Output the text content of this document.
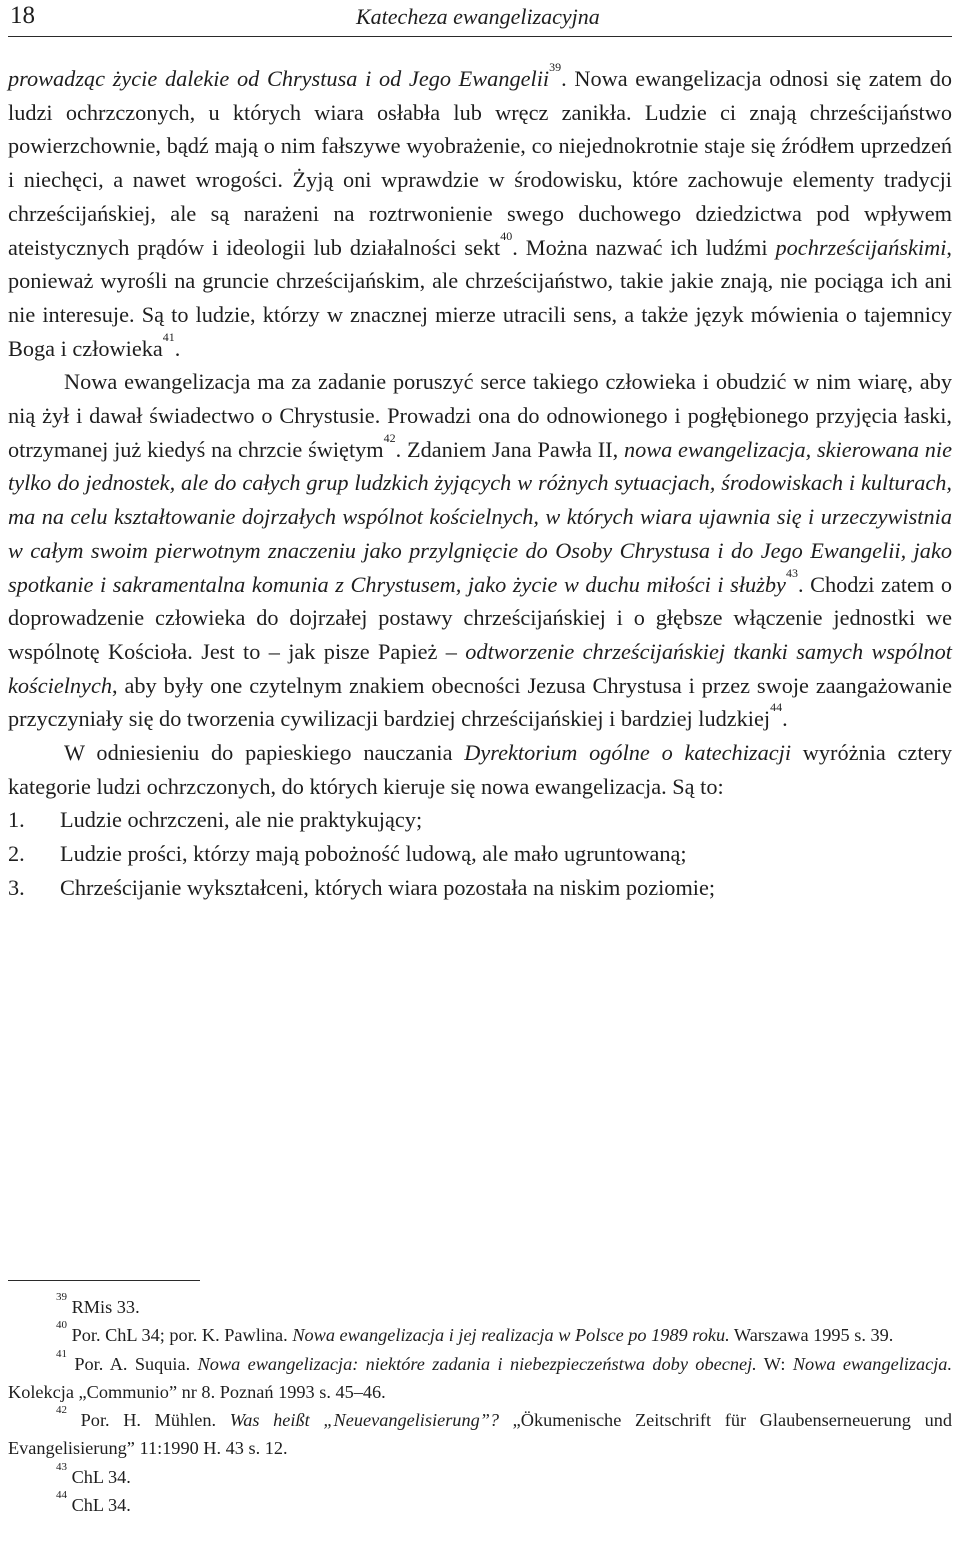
18	Katecheza ewangelizacyjna

prowadząc życie dalekie od Chrystusa i od Jego Ewangelii$^{39}$. Nowa ewangelizacja odnosi się zatem do ludzi ochrzczonych, u których wiara osłabła lub wręcz zanikła. Ludzie ci znają chrześcijaństwo powierzchownie, bądź mają o nim fałszywe wyobrażenie, co niejednokrotnie staje się źródłem uprzedzeń i niechęci, a nawet wrogości. Żyją oni wprawdzie w środowisku, które zachowuje elementy tradycji chrześcijańskiej, ale są narażeni na roztrwonienie swego duchowego dziedzictwa pod wpływem ateistycznych prądów i ideologii lub działalności sekt$^{40}$. Można nazwać ich ludźmi pochrześcijańskimi, ponieważ wyrośli na gruncie chrześcijańskim, ale chrześcijaństwo, takie jakie znają, nie pociąga ich ani nie interesuje. Są to ludzie, którzy w znacznej mierze utracili sens, a także język mówienia o tajemnicy Boga i człowieka$^{41}$.

Nowa ewangelizacja ma za zadanie poruszyć serce takiego człowieka i obudzić w nim wiarę, aby nią żył i dawał świadectwo o Chrystusie. Prowadzi ona do odnowionego i pogłębionego przyjęcia łaski, otrzymanej już kiedyś na chrzcie świętym$^{42}$. Zdaniem Jana Pawła II, nowa ewangelizacja, skierowana nie tylko do jednostek, ale do całych grup ludzkich żyjących w różnych sytuacjach, środowiskach i kulturach, ma na celu kształtowanie dojrzałych wspólnot kościelnych, w których wiara ujawnia się i urzeczywistnia w całym swoim pierwotnym znaczeniu jako przylgnięcie do Osoby Chrystusa i do Jego Ewangelii, jako spotkanie i sakramentalna komunia z Chrystusem, jako życie w duchu miłości i służby$^{43}$. Chodzi zatem o doprowadzenie człowieka do dojrzałej postawy chrześcijańskiej i o głębsze włączenie jednostki we wspólnotę Kościoła. Jest to – jak pisze Papież – odtworzenie chrześcijańskiej tkanki samych wspólnot kościelnych, aby były one czytelnym znakiem obecności Jezusa Chrystusa i przez swoje zaangażowanie przyczyniały się do tworzenia cywilizacji bardziej chrześcijańskiej i bardziej ludzkiej$^{44}$.

W odniesieniu do papieskiego nauczania Dyrektorium ogólne o katechizacji wyróżnia cztery kategorie ludzi ochrzczonych, do których kieruje się nowa ewangelizacja. Są to:

1.	Ludzie ochrzczeni, ale nie praktykujący;
2.	Ludzie prości, którzy mają pobożność ludową, ale mało ugruntowaną;
3.	Chrześcijanie wykształceni, których wiara pozostała na niskim poziomie;

$^{39}$ RMis 33.

$^{40}$ Por. ChL 34; por. K. Pawlina. Nowa ewangelizacja i jej realizacja w Polsce po 1989 roku. Warszawa 1995 s. 39.

$^{41}$ Por. A. Suquia. Nowa ewangelizacja: niektóre zadania i niebezpieczeństwa doby obecnej. W: Nowa ewangelizacja. Kolekcja „Communio” nr 8. Poznań 1993 s. 45–46.

$^{42}$ Por. H. Mühlen. Was heißt „Neuevangelisierung”? „Ökumenische Zeitschrift für Glaubenserneuerung und Evangelisierung” 11:1990 H. 43 s. 12.

$^{43}$ ChL 34.

$^{44}$ ChL 34.
